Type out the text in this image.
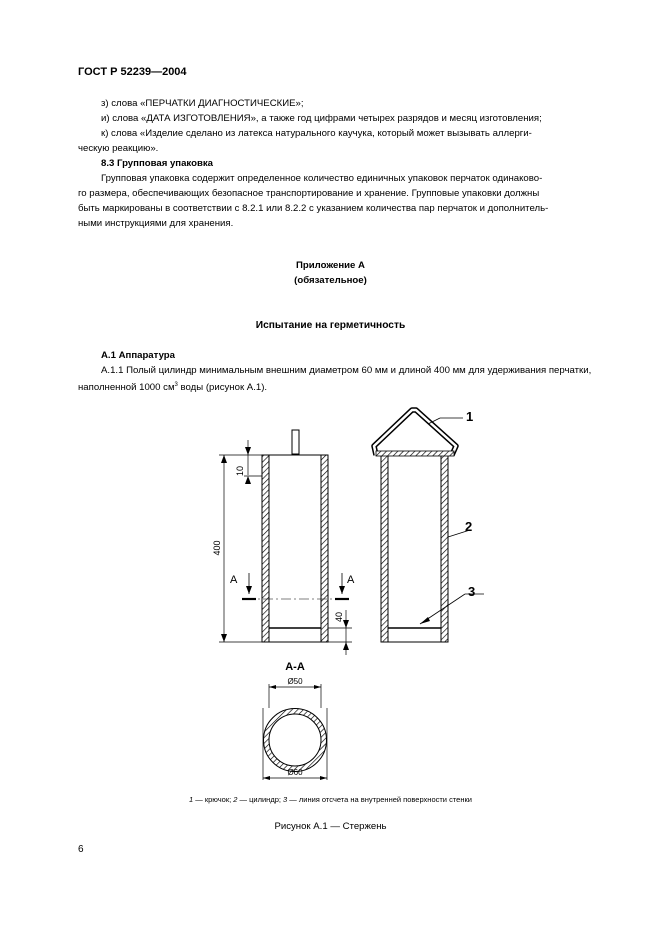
ГОСТ Р 52239—2004
з) слова «ПЕРЧАТКИ ДИАГНОСТИЧЕСКИЕ»;
и) слова «ДАТА ИЗГОТОВЛЕНИЯ», а также год цифрами четырех разрядов и месяц изготовления;
к) слова «Изделие сделано из латекса натурального каучука, который может вызывать аллерги-
ческую реакцию».
8.3 Групповая упаковка
Групповая упаковка содержит определенное количество единичных упаковок перчаток одинаково-
го размера, обеспечивающих безопасное транспортирование и хранение. Групповые упаковки должны
быть маркированы в соответствии с 8.2.1 или 8.2.2 с указанием количества пар перчаток и дополнитель-
ными инструкциями для хранения.
Приложение А
(обязательное)
Испытание на герметичность
А.1 Аппаратура
А.1.1 Полый цилиндр минимальным внешним диаметром 60 мм и длиной 400 мм для удерживания перчатки,
наполненной 1000 $см^3$ воды (рисунок А.1).
10
400
40
А	А
А-А
Ø50
Ø60
1
2
3
1 — крючок; 2 — цилиндр; 3 — линия отсчета на внутренней поверхности стенки
Рисунок А.1 — Стержень
6
